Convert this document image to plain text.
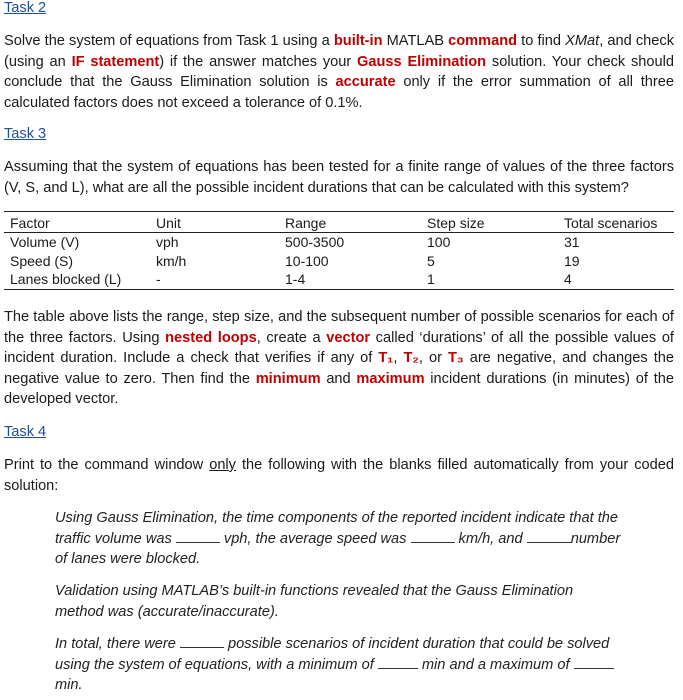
Task 2

Solve the system of equations from Task 1 using a built-in MATLAB command to find XMat, and check (using an IF statement) if the answer matches your Gauss Elimination solution. Your check should conclude that the Gauss Elimination solution is accurate only if the error summation of all three calculated factors does not exceed a tolerance of 0.1%.

Task 3

Assuming that the system of equations has been tested for a finite range of values of the three factors (V, S, and L), what are all the possible incident durations that can be calculated with this system?

Factor	Unit	Range	Step size	Total scenarios
Volume (V)	vph	500-3500	100	31
Speed (S)	km/h	10-100	5	19
Lanes blocked (L)	-	1-4	1	4

The table above lists the range, step size, and the subsequent number of possible scenarios for each of the three factors. Using nested loops, create a vector called ‘durations’ of all the possible values of incident duration. Include a check that verifies if any of T₁, T₂, or T₃ are negative, and changes the negative value to zero. Then find the minimum and maximum incident durations (in minutes) of the developed vector.

Task 4

Print to the command window only the following with the blanks filled automatically from your coded solution:

Using Gauss Elimination, the time components of the reported incident indicate that the traffic volume was	vph, the average speed was	km/h, and	number of lanes were blocked.

Validation using MATLAB’s built-in functions revealed that the Gauss Elimination method was (accurate/inaccurate).

In total, there were	possible scenarios of incident duration that could be solved using the system of equations, with a minimum of	min and a maximum of  min.
